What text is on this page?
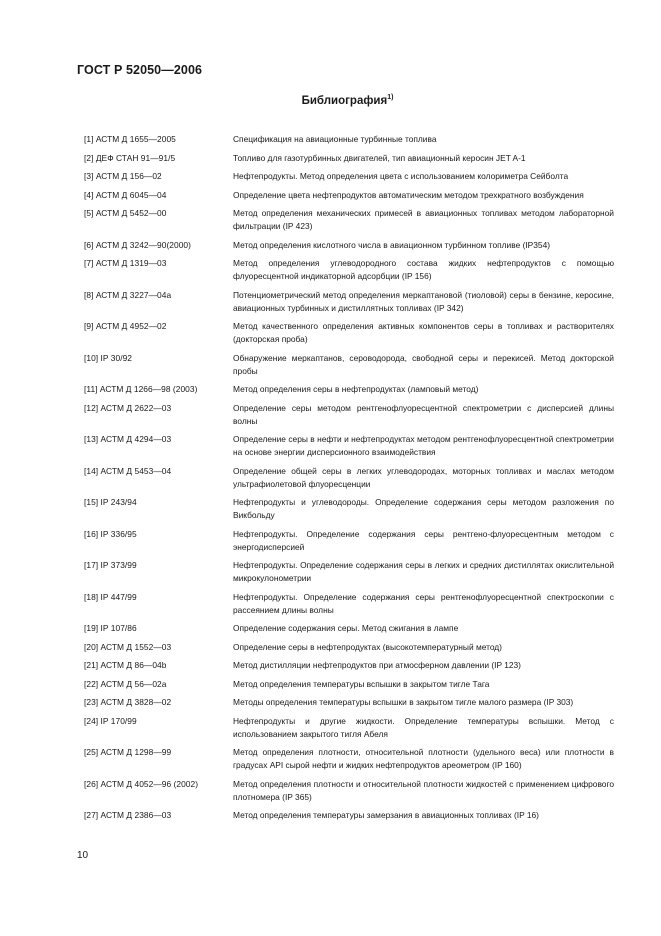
ГОСТ Р 52050—2006
Библиография$^{1)}$
[1] АСТМ Д 1655—2005	Спецификация на авиационные турбинные топлива
[2] ДЕФ СТАН 91—91/5	Топливо для газотурбинных двигателей, тип авиационный керосин JET A-1
[3] АСТМ Д 156—02	Нефтепродукты. Метод определения цвета с использованием колориметра Сейболта
[4] АСТМ Д 6045—04	Определение цвета нефтепродуктов автоматическим методом трехкратного возбуждения
[5] АСТМ Д 5452—00	Метод определения механических примесей в авиационных топливах методом лабораторной фильтрации (IP 423)
[6] АСТМ Д 3242—90(2000)	Метод определения кислотного числа в авиационном турбинном топливе (IP354)
[7] АСТМ Д 1319—03	Метод определения углеводородного состава жидких нефтепродуктов с помощью флуоресцентной индикаторной адсорбции (IP 156)
[8] АСТМ Д 3227—04а	Потенциометрический метод определения меркаптановой (тиоловой) серы в бензине, керосине, авиационных турбинных и дистиллятных топливах (IP 342)
[9] АСТМ Д 4952—02	Метод качественного определения активных компонентов серы в топливах и растворителях (докторская проба)
[10] IP 30/92	Обнаружение меркаптанов, сероводорода, свободной серы и перекисей. Метод докторской пробы
[11] АСТМ Д 1266—98 (2003)	Метод определения серы в нефтепродуктах (ламповый метод)
[12] АСТМ Д 2622—03	Определение серы методом рентгенофлуоресцентной спектрометрии с дисперсией длины волны
[13] АСТМ Д 4294—03	Определение серы в нефти и нефтепродуктах методом рентгенофлуоресцентной спектрометрии на основе энергии дисперсионного взаимодействия
[14] АСТМ Д 5453—04	Определение общей серы в легких углеводородах, моторных топливах и маслах методом ультрафиолетовой флуоресценции
[15] IP 243/94	Нефтепродукты и углеводороды. Определение содержания серы методом разложения по Викбольду
[16] IP 336/95	Нефтепродукты. Определение содержания серы рентгено-флуоресцентным методом с энергодисперсией
[17] IP 373/99	Нефтепродукты. Определение содержания серы в легких и средних дистиллятах окислительной микрокулонометрии
[18] IP 447/99	Нефтепродукты. Определение содержания серы рентгенофлуоресцентной спектроскопии с рассеянием длины волны
[19] IP 107/86	Определение содержания серы. Метод сжигания в лампе
[20] АСТМ Д 1552—03	Определение серы в нефтепродуктах (высокотемпературный метод)
[21] АСТМ Д 86—04b	Метод дистилляции нефтепродуктов при атмосферном давлении (IP 123)
[22] АСТМ Д 56—02а	Метод определения температуры вспышки в закрытом тигле Тага
[23] АСТМ Д 3828—02	Методы определения температуры вспышки в закрытом тигле малого размера (IP 303)
[24] IP 170/99	Нефтепродукты и другие жидкости. Определение температуры вспышки. Метод с использованием закрытого тигля Абеля
[25] АСТМ Д 1298—99	Метод определения плотности, относительной плотности (удельного веса) или плотности в градусах API сырой нефти и жидких нефтепродуктов ареометром (IP 160)
[26] АСТМ Д 4052—96 (2002)	Метод определения плотности и относительной плотности жидкостей с применением цифрового плотномера (IP 365)
[27] АСТМ Д 2386—03	Метод определения температуры замерзания в авиационных топливах (IP 16)
10
